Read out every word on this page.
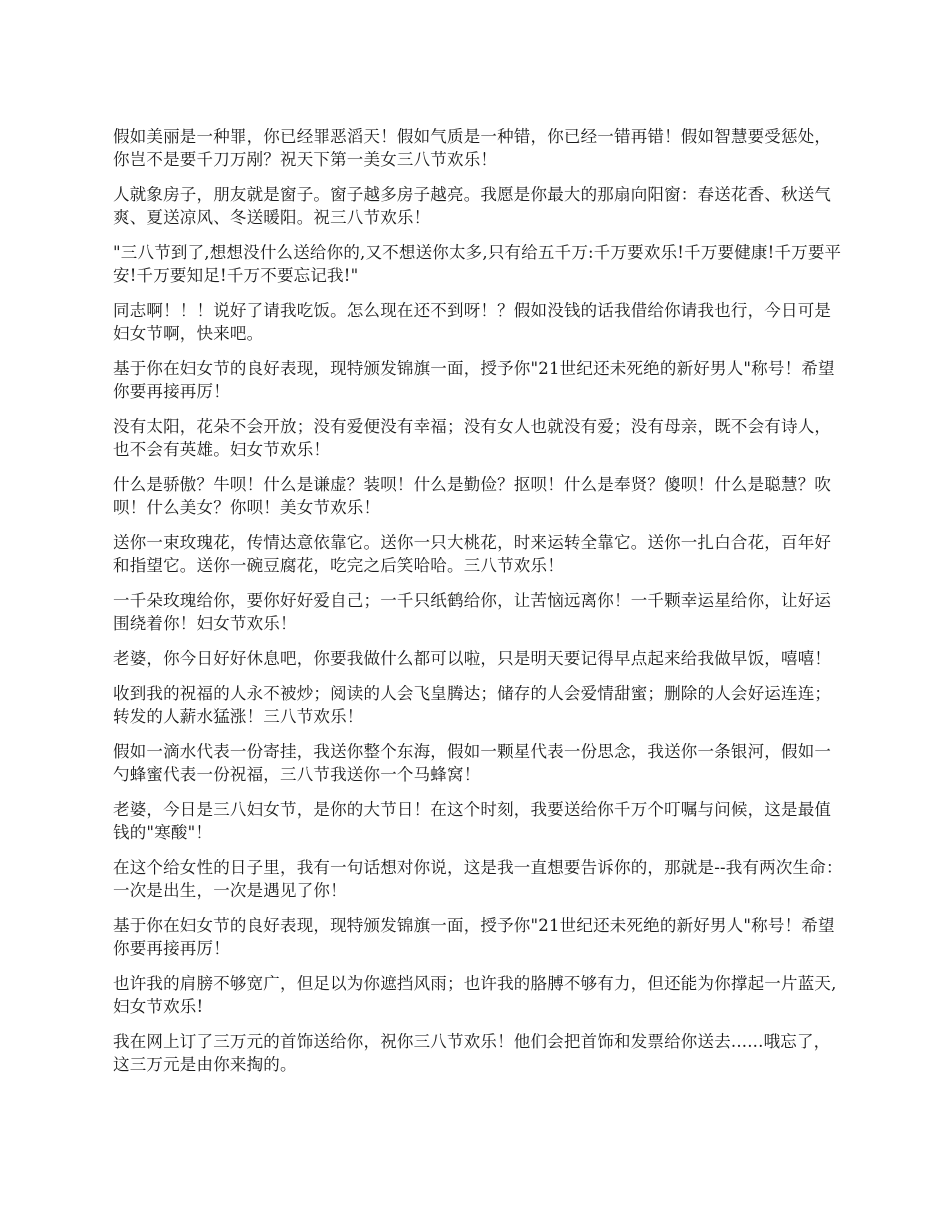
假如美丽是一种罪，你已经罪恶滔天！假如气质是一种错，你已经一错再错！假如智慧要受惩处，你岂不是要千刀万剐？祝天下第一美女三八节欢乐！

人就象房子，朋友就是窗子。窗子越多房子越亮。我愿是你最大的那扇向阳窗：春送花香、秋送气爽、夏送凉风、冬送暖阳。祝三八节欢乐！

"三八节到了,想想没什么送给你的,又不想送你太多,只有给五千万:千万要欢乐!千万要健康!千万要平安!千万要知足!千万不要忘记我!"

同志啊！！！说好了请我吃饭。怎么现在还不到呀！？假如没钱的话我借给你请我也行，今日可是妇女节啊，快来吧。

基于你在妇女节的良好表现，现特颁发锦旗一面，授予你"21世纪还未死绝的新好男人"称号！希望你要再接再厉！

没有太阳，花朵不会开放；没有爱便没有幸福；没有女人也就没有爱；没有母亲，既不会有诗人，也不会有英雄。妇女节欢乐！

什么是骄傲？牛呗！什么是谦虚？装呗！什么是勤俭？抠呗！什么是奉贤？傻呗！什么是聪慧？吹呗！什么美女？你呗！美女节欢乐！

送你一束玫瑰花，传情达意依靠它。送你一只大桃花，时来运转全靠它。送你一扎白合花，百年好和指望它。送你一碗豆腐花，吃完之后笑哈哈。三八节欢乐！

一千朵玫瑰给你，要你好好爱自己；一千只纸鹤给你，让苦恼远离你！一千颗幸运星给你，让好运围绕着你！妇女节欢乐！

老婆，你今日好好休息吧，你要我做什么都可以啦，只是明天要记得早点起来给我做早饭，嘻嘻！

收到我的祝福的人永不被炒；阅读的人会飞皇腾达；储存的人会爱情甜蜜；删除的人会好运连连；转发的人薪水猛涨！三八节欢乐！

假如一滴水代表一份寄挂，我送你整个东海，假如一颗星代表一份思念，我送你一条银河，假如一勺蜂蜜代表一份祝福，三八节我送你一个马蜂窝！

老婆，今日是三八妇女节，是你的大节日！在这个时刻，我要送给你千万个叮嘱与问候，这是最值钱的"寒酸"！

在这个给女性的日子里，我有一句话想对你说，这是我一直想要告诉你的，那就是--我有两次生命：一次是出生，一次是遇见了你！

基于你在妇女节的良好表现，现特颁发锦旗一面，授予你"21世纪还未死绝的新好男人"称号！希望你要再接再厉！

也许我的肩膀不够宽广，但足以为你遮挡风雨；也许我的胳膊不够有力，但还能为你撑起一片蓝天,妇女节欢乐!

我在网上订了三万元的首饰送给你，祝你三八节欢乐！他们会把首饰和发票给你送去......哦忘了，这三万元是由你来掏的。
